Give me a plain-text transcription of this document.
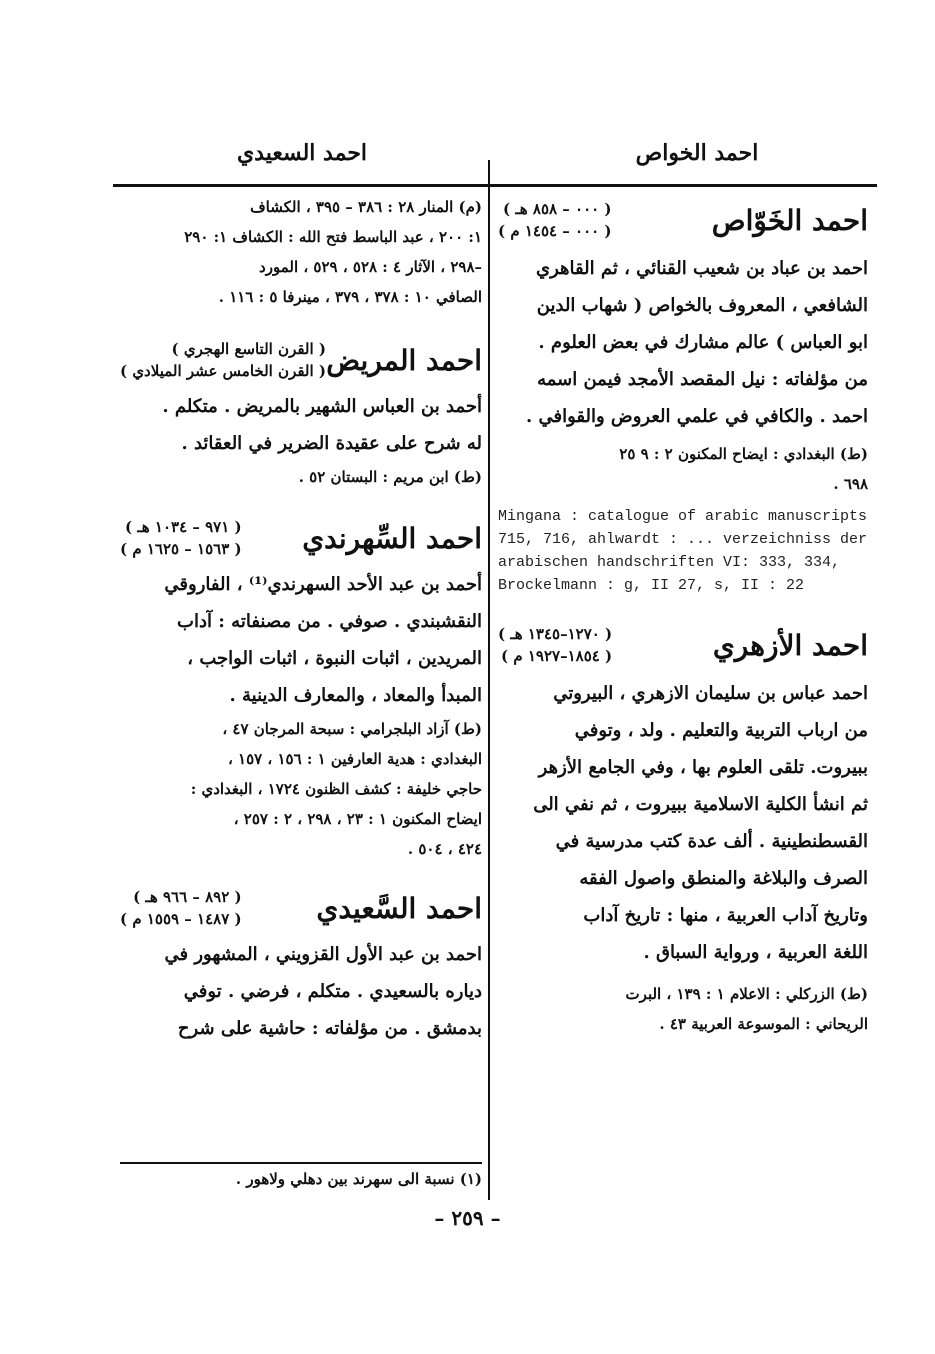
احمد الخواص
احمد السعيدي
احمد الخَوّاص
( ٠٠٠ – ٨٥٨ هـ )
( ٠٠٠ – ١٤٥٤ م )
احمد بن عباد بن شعيب القنائي ، ثم القاهري
الشافعي ، المعروف بالخواص ( شهاب الدين
ابو العباس ) عالم مشارك في بعض العلوم .
من مؤلفاته : نيل المقصد الأمجد فيمن اسمه
احمد . والكافي في علمي العروض والقوافي .
(ط) البغدادي : ايضاح المكنون ٢ : ٩ ٢٥
٦٩٨ .
Mingana : catalogue of arabic manuscripts 715, 716, ahlwardt : ... verzeichniss der arabischen handschriften VI: 333, 334, Brockelmann : g, II 27, s, II : 22
احمد الأزهري
( ١٢٧٠–١٣٤٥ هـ )
( ١٨٥٤–١٩٢٧ م )
احمد عباس بن سليمان الازهري ، البيروتي
من ارباب التربية والتعليم . ولد ، وتوفي
ببيروت. تلقى العلوم بها ، وفي الجامع الأزهر
ثم انشأ الكلية الاسلامية ببيروت ، ثم نفي الى
القسطنطينية . ألف عدة كتب مدرسية في
الصرف والبلاغة والمنطق واصول الفقه
وتاريخ آداب العربية ، منها : تاريخ آداب
اللغة العربية ، ورواية السباق .
(ط) الزركلي : الاعلام ١ : ١٣٩ ، البرت
الريحاني : الموسوعة العربية ٤٣ .
(م) المنار ٢٨ : ٣٨٦ – ٣٩٥ ، الكشاف
١: ٢٠٠ ، عبد الباسط فتح الله : الكشاف ١: ٢٩٠
–٢٩٨ ، الآثار ٤ : ٥٢٨ ، ٥٢٩ ، المورد
الصافي ١٠ : ٣٧٨ ، ٣٧٩ ، مينرفا ٥ : ١١٦ .
احمد المريض
( القرن التاسع الهجري )
( القرن الخامس عشر الميلادي )
أحمد بن العباس الشهير بالمريض . متكلم .
له شرح على عقيدة الضرير في العقائد .
(ط) ابن مريم : البستان ٥٢ .
احمد السِّهرندي
( ٩٧١ – ١٠٣٤ هـ )
( ١٥٦٣ – ١٦٢٥ م )
أحمد بن عبد الأحد السهرندي⁽¹⁾ ، الفاروقي
النقشبندي . صوفي . من مصنفاته : آداب
المريدين ، اثبات النبوة ، اثبات الواجب ،
المبدأ والمعاد ، والمعارف الدينية .
(ط) آزاد البلجرامي : سبحة المرجان ٤٧ ،
البغدادي : هدية العارفين ١ : ١٥٦ ، ١٥٧ ،
حاجي خليفة : كشف الظنون ١٧٢٤ ، البغدادي :
ايضاح المكنون ١ : ٢٣ ، ٢٩٨ ، ٢ : ٢٥٧ ،
٤٢٤ ، ٥٠٤ .
احمد السَّعيدي
( ٨٩٢ – ٩٦٦ هـ )
( ١٤٨٧ – ١٥٥٩ م )
احمد بن عبد الأول القزويني ، المشهور في
دياره بالسعيدي . متكلم ، فرضي . توفي
بدمشق . من مؤلفاته : حاشية على شرح
(١) نسبة الى سهرند بين دهلي ولاهور .
– ٢٥٩ –
